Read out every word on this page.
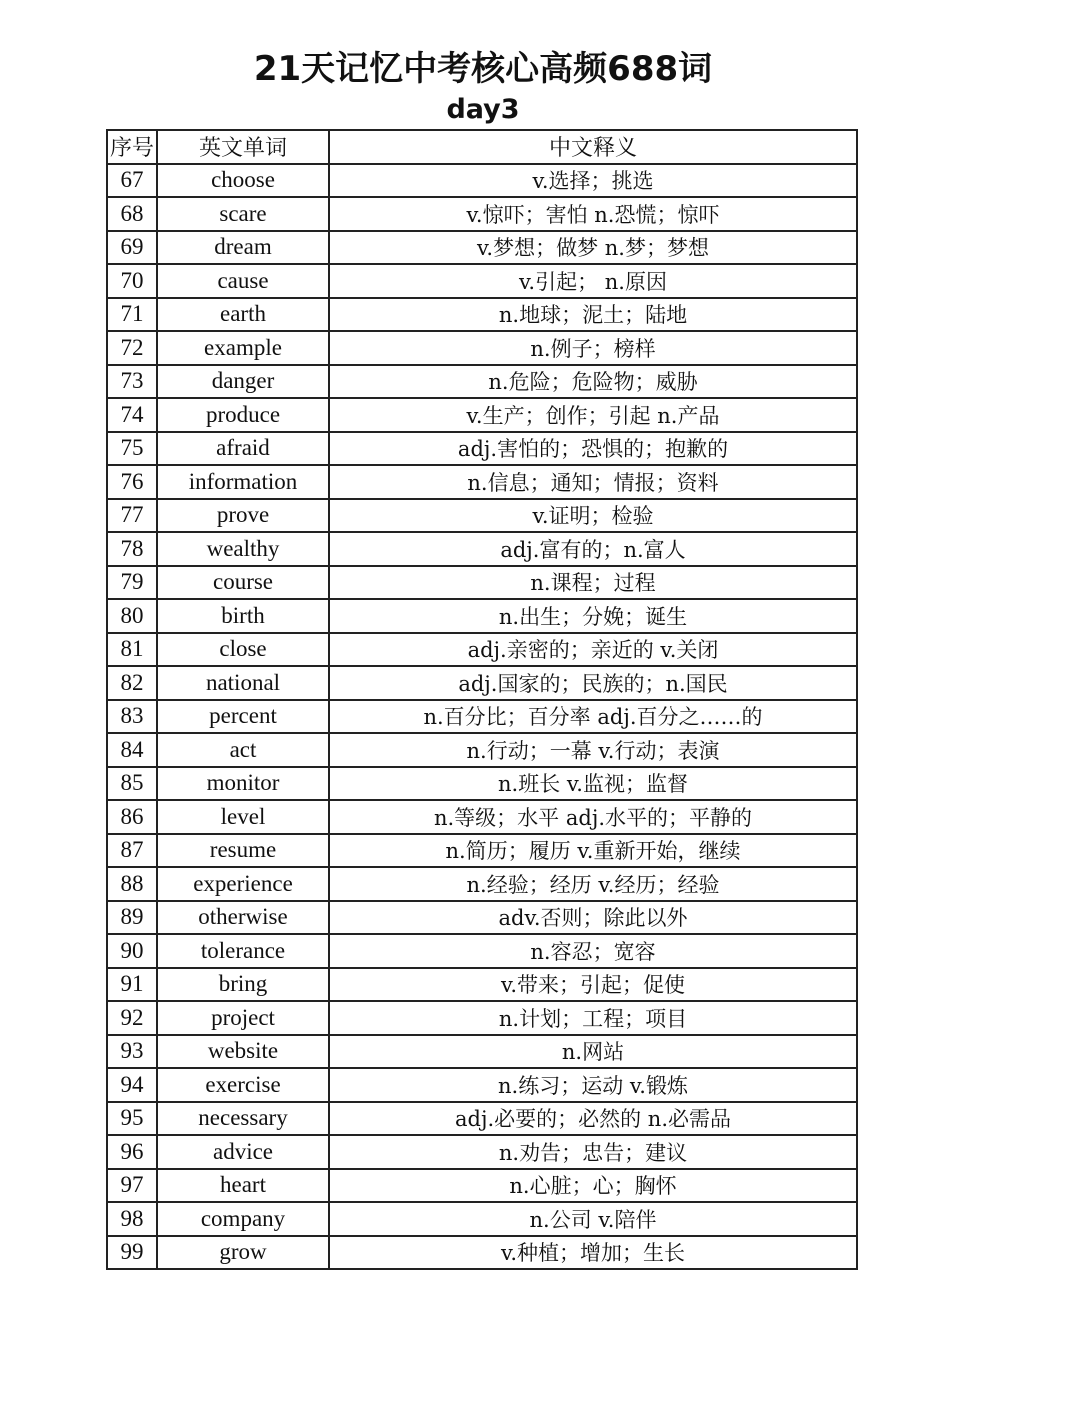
21天记忆中考核心高频688词
day3
序号	英文单词	中文释义
67	choose	v.选择；挑选
68	scare	v.惊吓；害怕 n.恐慌；惊吓
69	dream	v.梦想；做梦 n.梦；梦想
70	cause	v.引起； n.原因
71	earth	n.地球；泥土；陆地
72	example	n.例子；榜样
73	danger	n.危险；危险物；威胁
74	produce	v.生产；创作；引起 n.产品
75	afraid	adj.害怕的；恐惧的；抱歉的
76	information	n.信息；通知；情报；资料
77	prove	v.证明；检验
78	wealthy	adj.富有的；n.富人
79	course	n.课程；过程
80	birth	n.出生；分娩；诞生
81	close	adj.亲密的；亲近的 v.关闭
82	national	adj.国家的；民族的；n.国民
83	percent	n.百分比；百分率 adj.百分之……的
84	act	n.行动；一幕 v.行动；表演
85	monitor	n.班长 v.监视；监督
86	level	n.等级；水平 adj.水平的；平静的
87	resume	n.简历；履历 v.重新开始，继续
88	experience	n.经验；经历 v.经历；经验
89	otherwise	adv.否则；除此以外
90	tolerance	n.容忍；宽容
91	bring	v.带来；引起；促使
92	project	n.计划；工程；项目
93	website	n.网站
94	exercise	n.练习；运动 v.锻炼
95	necessary	adj.必要的；必然的 n.必需品
96	advice	n.劝告；忠告；建议
97	heart	n.心脏；心；胸怀
98	company	n.公司 v.陪伴
99	grow	v.种植；增加；生长
